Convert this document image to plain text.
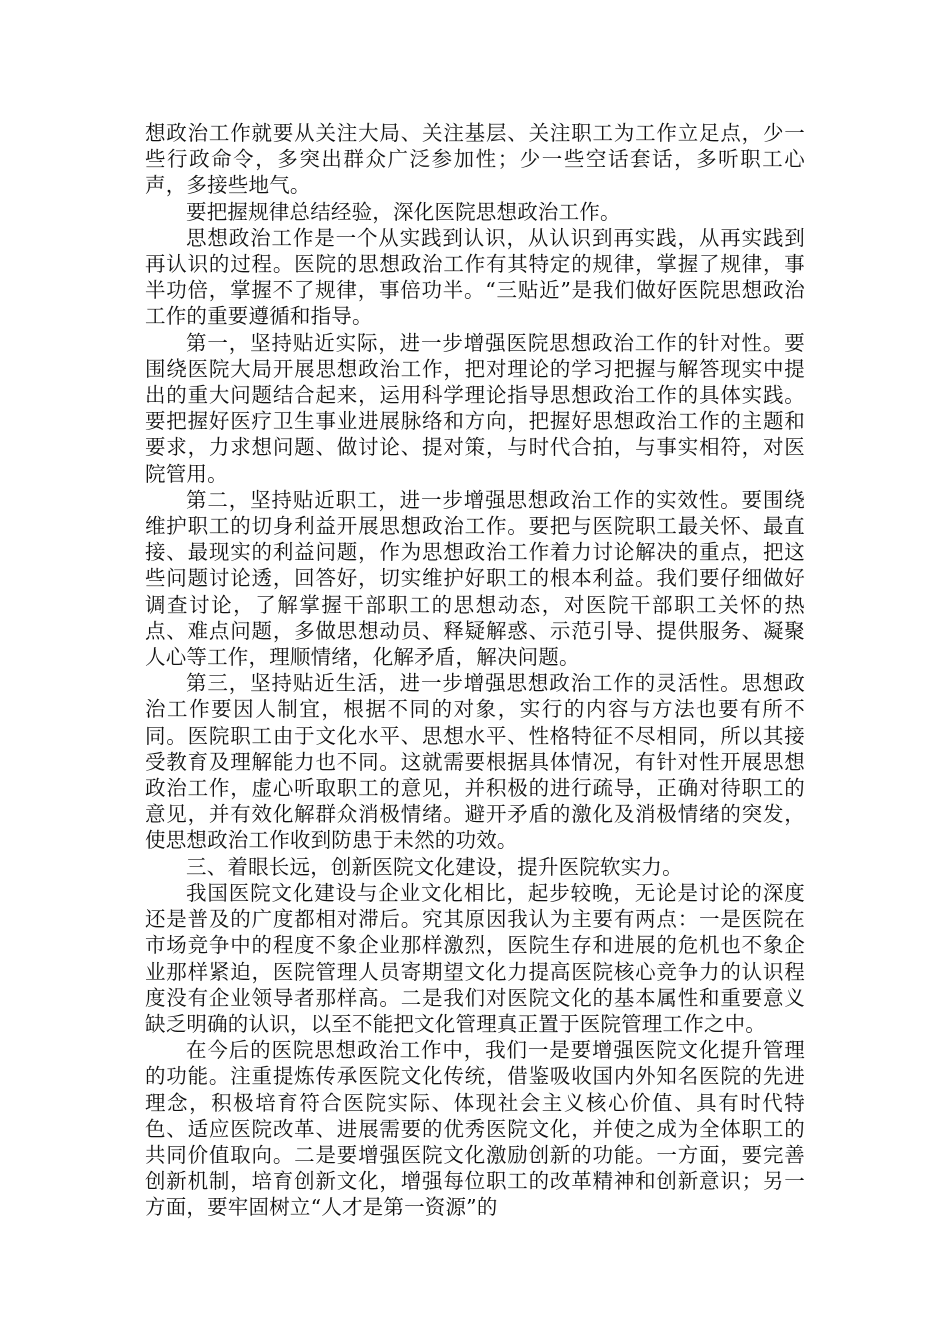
想政治工作就要从关注大局、关注基层、关注职工为工作立足点，少一些行政命令，多突出群众广泛参加性；少一些空话套话，多听职工心声，多接些地气。

要把握规律总结经验，深化医院思想政治工作。

思想政治工作是一个从实践到认识，从认识到再实践，从再实践到再认识的过程。医院的思想政治工作有其特定的规律，掌握了规律，事半功倍，掌握不了规律，事倍功半。“三贴近”是我们做好医院思想政治工作的重要遵循和指导。

第一，坚持贴近实际，进一步增强医院思想政治工作的针对性。要围绕医院大局开展思想政治工作，把对理论的学习把握与解答现实中提出的重大问题结合起来，运用科学理论指导思想政治工作的具体实践。要把握好医疗卫生事业进展脉络和方向，把握好思想政治工作的主题和要求，力求想问题、做讨论、提对策，与时代合拍，与事实相符，对医院管用。

第二，坚持贴近职工，进一步增强思想政治工作的实效性。要围绕维护职工的切身利益开展思想政治工作。要把与医院职工最关怀、最直接、最现实的利益问题，作为思想政治工作着力讨论解决的重点，把这些问题讨论透，回答好，切实维护好职工的根本利益。我们要仔细做好调查讨论，了解掌握干部职工的思想动态，对医院干部职工关怀的热点、难点问题，多做思想动员、释疑解惑、示范引导、提供服务、凝聚人心等工作，理顺情绪，化解矛盾，解决问题。

第三，坚持贴近生活，进一步增强思想政治工作的灵活性。思想政治工作要因人制宜，根据不同的对象，实行的内容与方法也要有所不同。医院职工由于文化水平、思想水平、性格特征不尽相同，所以其接受教育及理解能力也不同。这就需要根据具体情况，有针对性开展思想政治工作，虚心听取职工的意见，并积极的进行疏导，正确对待职工的意见，并有效化解群众消极情绪。避开矛盾的激化及消极情绪的突发，使思想政治工作收到防患于未然的功效。

三、着眼长远，创新医院文化建设，提升医院软实力。

我国医院文化建设与企业文化相比，起步较晚，无论是讨论的深度还是普及的广度都相对滞后。究其原因我认为主要有两点：一是医院在市场竞争中的程度不象企业那样激烈，医院生存和进展的危机也不象企业那样紧迫，医院管理人员寄期望文化力提高医院核心竞争力的认识程度没有企业领导者那样高。二是我们对医院文化的基本属性和重要意义缺乏明确的认识，以至不能把文化管理真正置于医院管理工作之中。

在今后的医院思想政治工作中，我们一是要增强医院文化提升管理的功能。注重提炼传承医院文化传统，借鉴吸收国内外知名医院的先进理念，积极培育符合医院实际、体现社会主义核心价值、具有时代特色、适应医院改革、进展需要的优秀医院文化，并使之成为全体职工的共同价值取向。二是要增强医院文化激励创新的功能。一方面，要完善创新机制，培育创新文化，增强每位职工的改革精神和创新意识；另一方面，要牢固树立“人才是第一资源”的
